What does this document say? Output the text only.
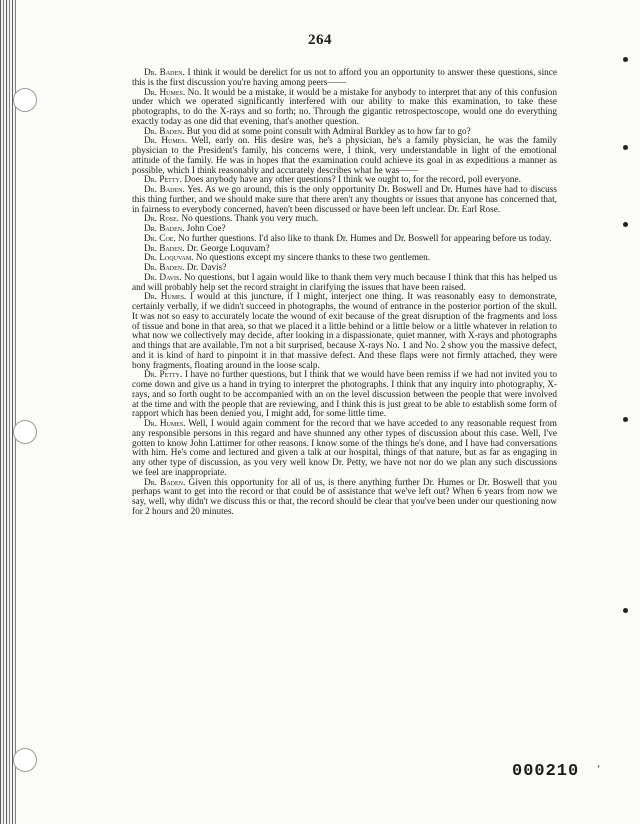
264

Dr. Baden. I think it would be derelict for us not to afford you an opportunity to answer these questions, since this is the first discussion you're having among peers——

Dr. Humes. No. It would be a mistake, it would be a mistake for anybody to interpret that any of this confusion under which we operated significantly interfered with our ability to make this examination, to take these photographs, to do the X-rays and so forth; no. Through the gigantic retrospectoscope, would one do everything exactly today as one did that evening, that's another question.

Dr. Baden. But you did at some point consult with Admiral Burkley as to how far to go?

Dr. Humes. Well, early on. His desire was, he's a physician, he's a family physician, he was the family physician to the President's family, his concerns were, I think, very understandable in light of the emotional attitude of the family. He was in hopes that the examination could achieve its goal in as expeditious a manner as possible, which I think reasonably and accurately describes what he was——

Dr. Petty. Does anybody have any other questions? I think we ought to, for the record, poll everyone.

Dr. Baden. Yes. As we go around, this is the only opportunity Dr. Boswell and Dr. Humes have had to discuss this thing further, and we should make sure that there aren't any thoughts or issues that anyone has concerned that, in fairness to everybody concerned, haven't been discussed or have been left unclear. Dr. Earl Rose.

Dr. Rose. No questions. Thank you very much.

Dr. Baden. John Coe?

Dr. Coe. No further questions. I'd also like to thank Dr. Humes and Dr. Boswell for appearing before us today.

Dr. Baden. Dr. George Loquvam?

Dr. Loquvam. No questions except my sincere thanks to these two gentlemen.

Dr. Baden. Dr. Davis?

Dr. Davis. No questions, but I again would like to thank them very much because I think that this has helped us and will probably help set the record straight in clarifying the issues that have been raised.

Dr. Humes. I would at this juncture, if I might, interject one thing. It was reasonably easy to demonstrate, certainly verbally, if we didn't succeed in photographs, the wound of entrance in the posterior portion of the skull. It was not so easy to accurately locate the wound of exit because of the great disruption of the fragments and loss of tissue and bone in that area, so that we placed it a little behind or a little below or a little whatever in relation to what now we collectively may decide, after looking in a dispassionate, quiet manner, with X-rays and photographs and things that are available. I'm not a bit surprised, because X-rays No. 1 and No. 2 show you the massive defect, and it is kind of hard to pinpoint it in that massive defect. And these flaps were not firmly attached, they were bony fragments, floating around in the loose scalp.

Dr. Petty. I have no further questions, but I think that we would have been remiss if we had not invited you to come down and give us a hand in trying to interpret the photographs. I think that any inquiry into photography, X-rays, and so forth ought to be accompanied with an on the level discussion between the people that were involved at the time and with the people that are reviewing, and I think this is just great to be able to establish some form of rapport which has been denied you, I might add, for some little time.

Dr. Humes. Well, I would again comment for the record that we have acceded to any reasonable request from any responsible persons in this regard and have shunned any other types of discussion about this case. Well, I've gotten to know John Lattimer for other reasons. I know some of the things he's done, and I have had conversations with him. He's come and lectured and given a talk at our hospital, things of that nature, but as far as engaging in any other type of discussion, as you very well know Dr. Petty, we have not nor do we plan any such discussions we feel are inappropriate.

Dr. Baden. Given this opportunity for all of us, is there anything further Dr. Humes or Dr. Boswell that you perhaps want to get into the record or that could be of assistance that we've left out? When 6 years from now we say, well, why didn't we discuss this or that, the record should be clear that you've been under our questioning now for 2 hours and 20 minutes.

000210 ‘
